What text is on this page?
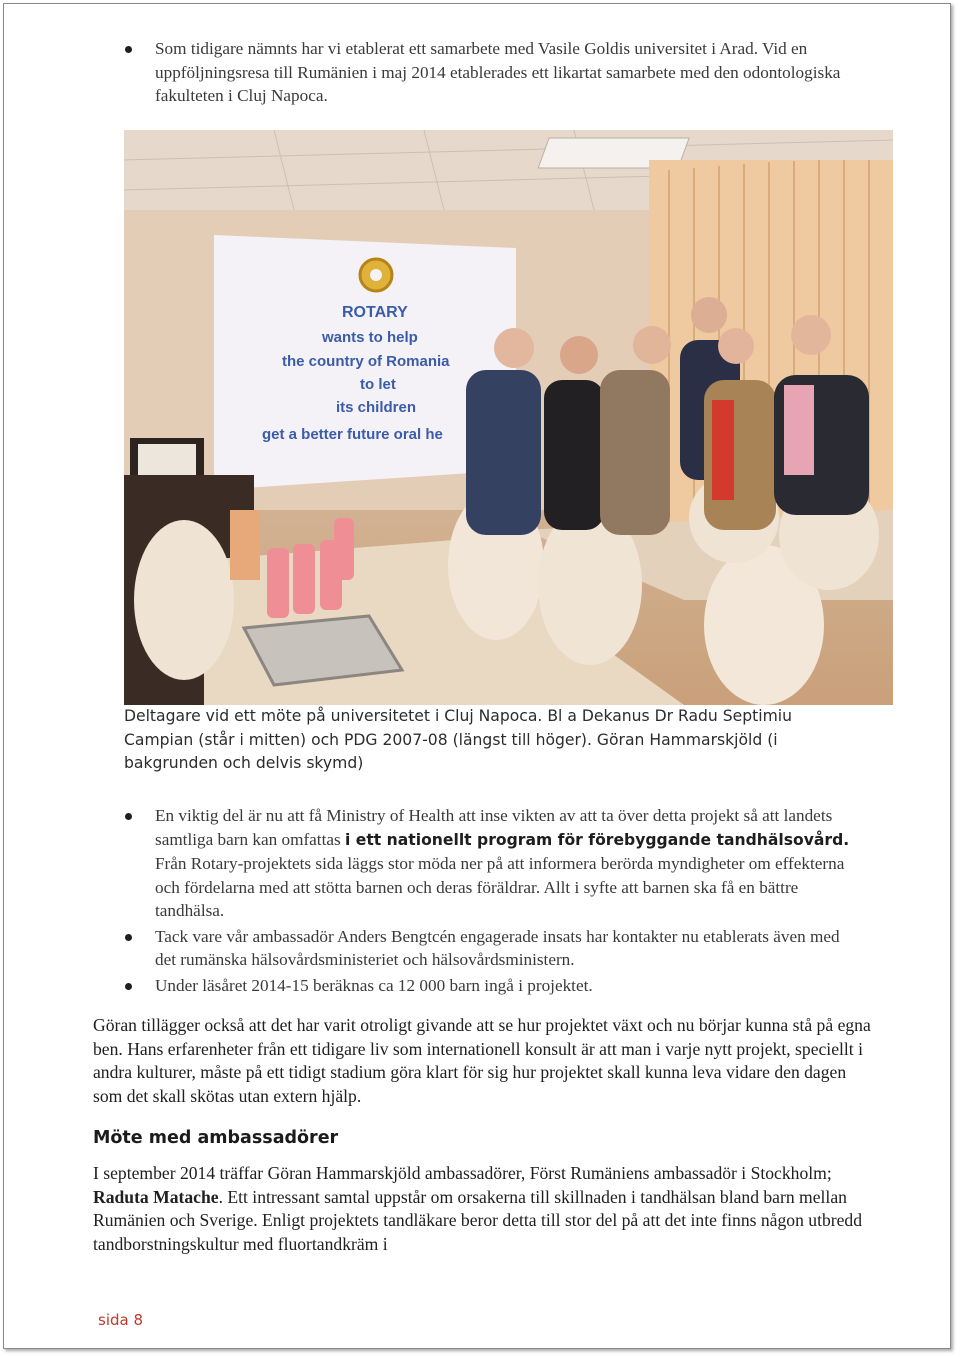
Som tidigare nämnts har vi etablerat ett samarbete med Vasile Goldis universitet i Arad. Vid en uppföljningsresa till Rumänien i maj 2014 etablerades ett likartat samarbete med den odontologiska fakulteten i Cluj Napoca.
ROTARY
wants to help
the country of Romania
to let
its children
get a better future oral he
Deltagare vid ett möte på universitetet i Cluj Napoca. Bl a Dekanus Dr Radu Septimiu Campian (står i mitten) och PDG 2007-08 (längst till höger). Göran Hammarskjöld (i bakgrunden och delvis skymd)
En viktig del är nu att få Ministry of Health att inse vikten av att ta över detta projekt så att landets samtliga barn kan omfattas i ett nationellt program för förebyggande tandhälsovård. Från Rotary-projektets sida läggs stor möda ner på att informera berörda myndigheter om effekterna och fördelarna med att stötta barnen och deras föräldrar. Allt i syfte att barnen ska få en bättre tandhälsa.
Tack vare vår ambassadör Anders Bengtcén engagerade insats har kontakter nu etablerats även med det rumänska hälsovårdsministeriet och hälsovårdsministern.
Under läsåret 2014-15 beräknas ca 12 000 barn ingå i projektet.
Göran tillägger också att det har varit otroligt givande att se hur projektet växt och nu börjar kunna stå på egna ben. Hans erfarenheter från ett tidigare liv som internationell konsult är att man i varje nytt projekt, speciellt i andra kulturer, måste på ett tidigt stadium göra klart för sig hur projektet skall kunna leva vidare den dagen som det skall skötas utan extern hjälp.
Möte med ambassadörer
I september 2014 träffar Göran Hammarskjöld ambassadörer, Först Rumäniens ambassadör i Stockholm; Raduta Matache. Ett intressant samtal uppstår om orsakerna till skillnaden i tandhälsan bland barn mellan Rumänien och Sverige. Enligt projektets tandläkare beror detta till stor del på att det inte finns någon utbredd tandborstningskultur med fluortandkräm i
sida 8
